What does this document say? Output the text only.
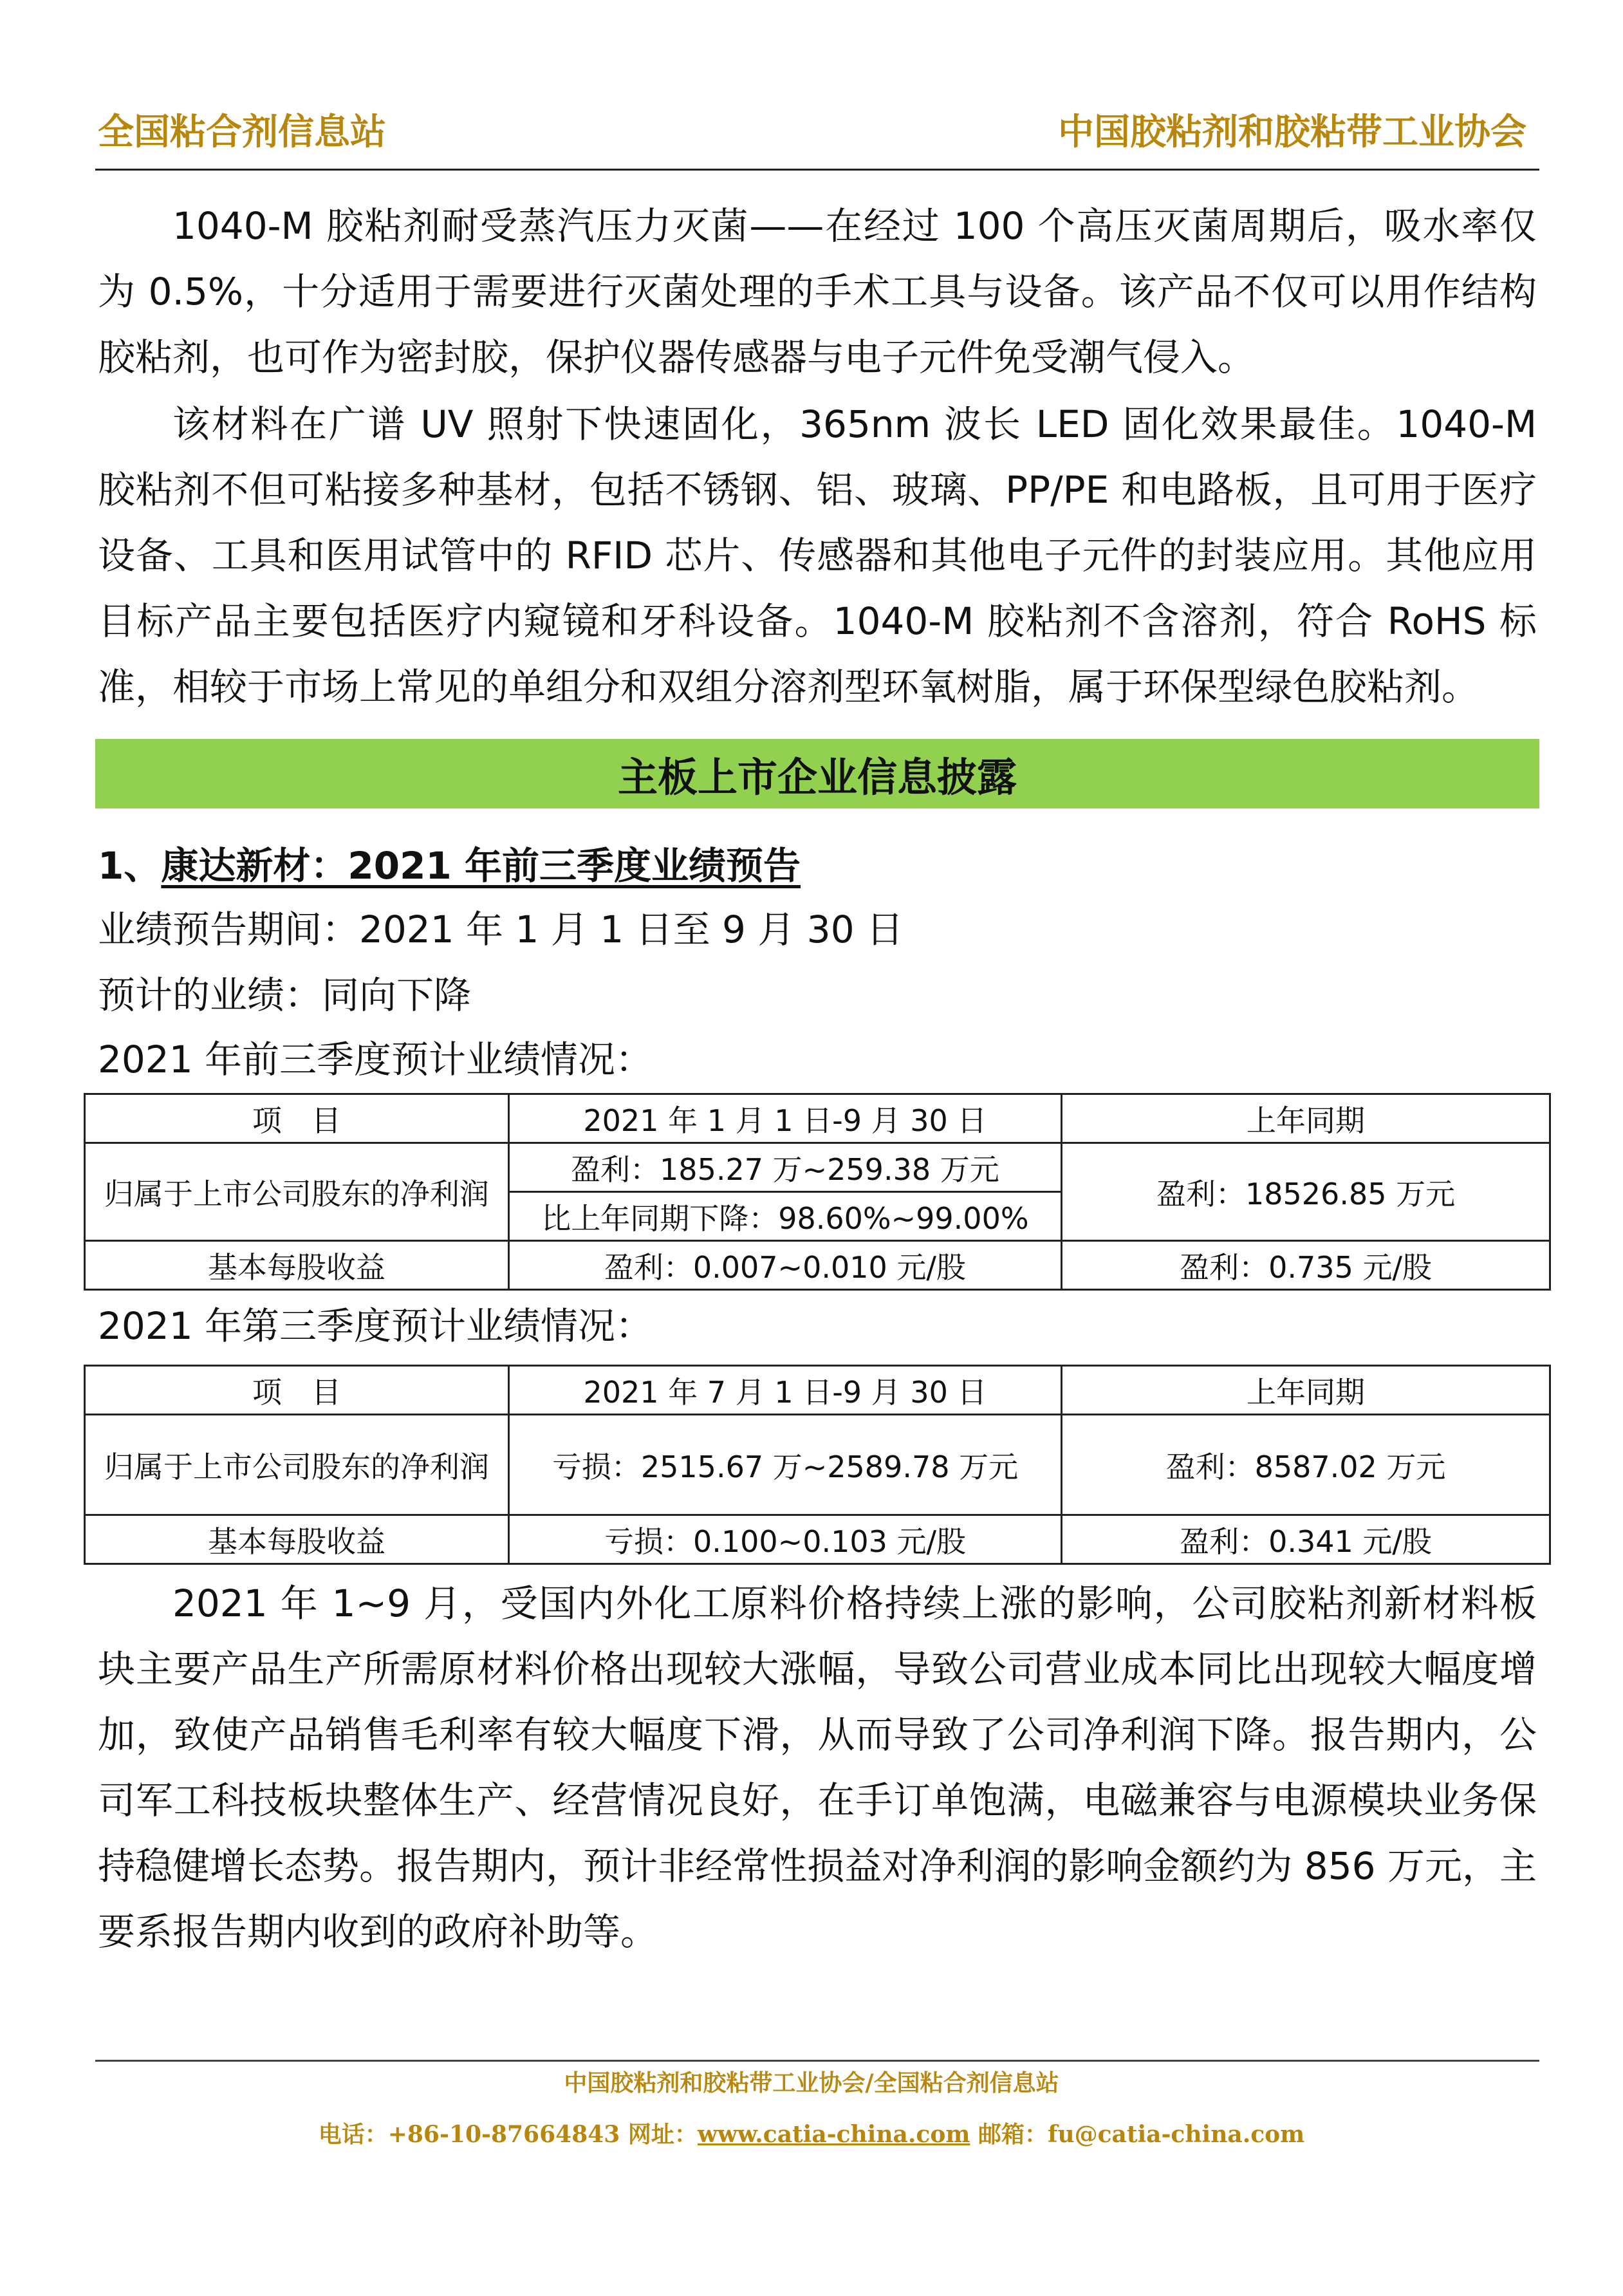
全国粘合剂信息站	中国胶粘剂和胶粘带工业协会

1040-M 胶粘剂耐受蒸汽压力灭菌——在经过 100 个高压灭菌周期后，吸水率仅为 0.5%，十分适用于需要进行灭菌处理的手术工具与设备。该产品不仅可以用作结构胶粘剂，也可作为密封胶，保护仪器传感器与电子元件免受潮气侵入。

该材料在广谱 UV 照射下快速固化，365nm 波长 LED 固化效果最佳。1040-M 胶粘剂不但可粘接多种基材，包括不锈钢、铝、玻璃、PP/PE 和电路板，且可用于医疗设备、工具和医用试管中的 RFID 芯片、传感器和其他电子元件的封装应用。其他应用目标产品主要包括医疗内窥镜和牙科设备。1040-M 胶粘剂不含溶剂，符合 RoHS 标准，相较于市场上常见的单组分和双组分溶剂型环氧树脂，属于环保型绿色胶粘剂。

主板上市企业信息披露
1、康达新材：2021 年前三季度业绩预告
业绩预告期间：2021 年 1 月 1 日至 9 月 30 日
预计的业绩：同向下降
2021 年前三季度预计业绩情况：
项　目	2021 年 1 月 1 日-9 月 30 日	上年同期
归属于上市公司股东的净利润	盈利：185.27 万~259.38 万元	盈利：18526.85 万元
	比上年同期下降：98.60%~99.00%	
基本每股收益	盈利：0.007~0.010 元/股	盈利：0.735 元/股
2021 年第三季度预计业绩情况：
项　目	2021 年 7 月 1 日-9 月 30 日	上年同期
归属于上市公司股东的净利润	亏损：2515.67 万~2589.78 万元	盈利：8587.02 万元
基本每股收益	亏损：0.100~0.103 元/股	盈利：0.341 元/股

2021 年 1~9 月，受国内外化工原料价格持续上涨的影响，公司胶粘剂新材料板块主要产品生产所需原材料价格出现较大涨幅，导致公司营业成本同比出现较大幅度增加，致使产品销售毛利率有较大幅度下滑，从而导致了公司净利润下降。报告期内，公司军工科技板块整体生产、经营情况良好，在手订单饱满，电磁兼容与电源模块业务保持稳健增长态势。报告期内，预计非经常性损益对净利润的影响金额约为 856 万元，主要系报告期内收到的政府补助等。

中国胶粘剂和胶粘带工业协会/全国粘合剂信息站
电话：+86-10-87664843 网址：www.catia-china.com 邮箱：fu@catia-china.com
